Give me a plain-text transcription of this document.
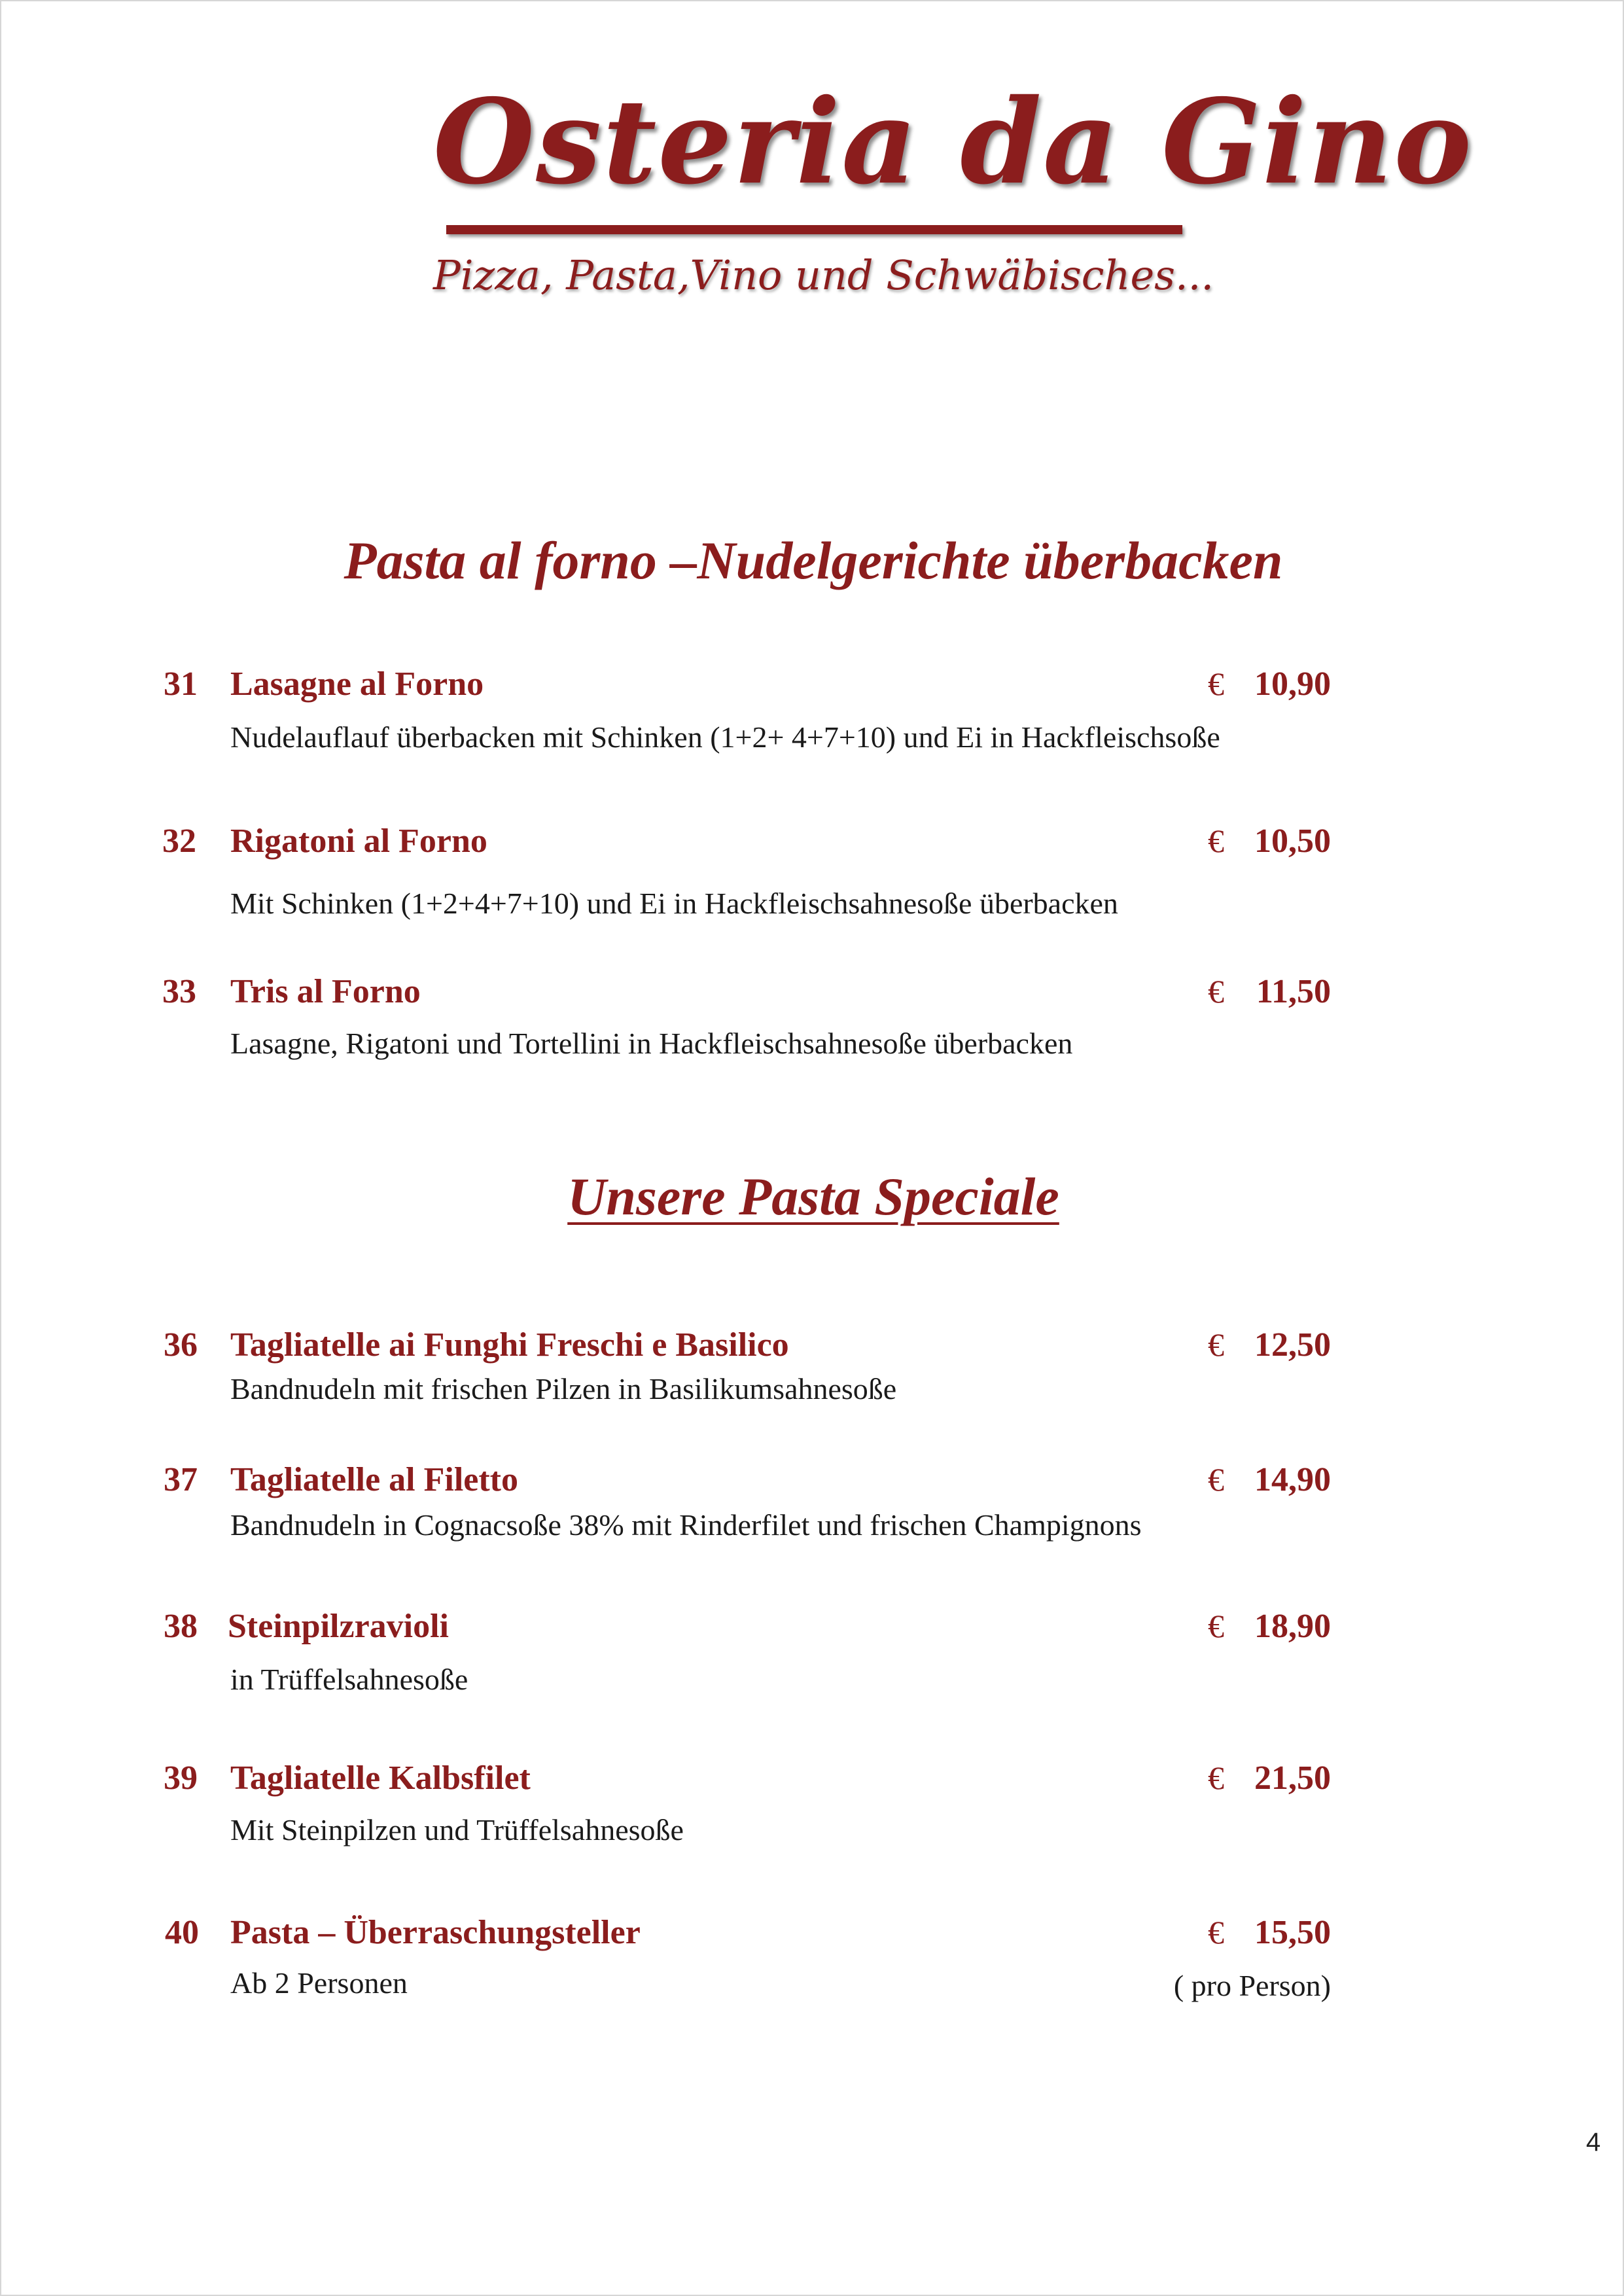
Osteria da Gino
Pizza, Pasta,Vino und Schwäbisches...
Pasta al forno –Nudelgerichte überbacken
31 Lasagne al Forno	€ 10,90
Nudelauflauf überbacken mit Schinken (1+2+ 4+7+10) und Ei in Hackfleischsoße
32	Rigatoni al Forno	€ 10,50
Mit Schinken (1+2+4+7+10) und Ei in Hackfleischsahnesoße überbacken
33	Tris al Forno	€ 11,50
Lasagne, Rigatoni und Tortellini in Hackfleischsahnesoße überbacken
Unsere Pasta Speciale
36 Tagliatelle ai Funghi Freschi e Basilico	€ 12,50
Bandnudeln mit frischen Pilzen in Basilikumsahnesoße
37 Tagliatelle al Filetto	€ 14,90
Bandnudeln in Cognacsoße 38% mit Rinderfilet und frischen Champignons
38 Steinpilzravioli	€ 18,90
in Trüffelsahnesoße
39 Tagliatelle Kalbsfilet	€ 21,50
Mit Steinpilzen und Trüffelsahnesoße
40 Pasta – Überraschungsteller	€ 15,50
Ab 2 Personen	( pro Person)
4
